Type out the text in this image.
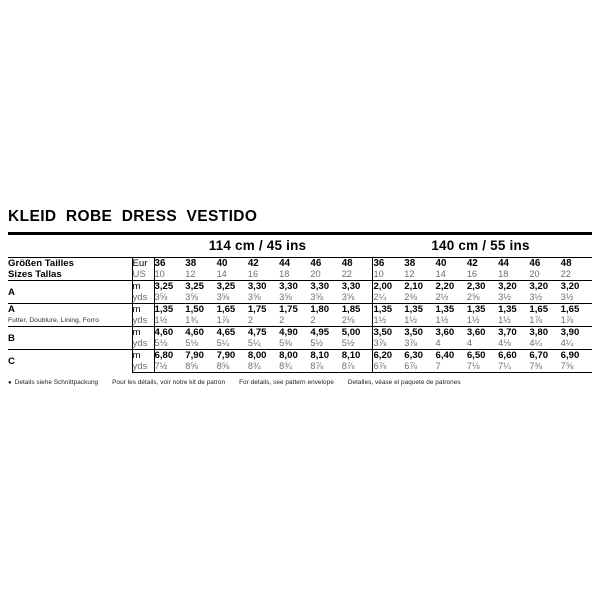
KLEID  ROBE  DRESS  VESTIDO
114 cm / 45 ins	140 cm / 55 ins
Größen Tailles
Sizes Tallas	Eur	36	38	40	42	44	46	48	36	38	40	42	44	46	48
	US	10	12	14	16	18	20	22	10	12	14	16	18	20	22
A	m	3,25	3,25	3,25	3,30	3,30	3,30	3,30	2,00	2,10	2,20	2,30	3,20	3,20	3,20
	yds	3⅝	3⅝	3⅝	3⅝	3⅝	3⅝	3⅝	2¼	2⅜	2½	2⅝	3½	3½	3½
A
Futter, Doublure, Lining, Forro	m	1,35	1,50	1,65	1,75	1,75	1,80	1,85	1,35	1,35	1,35	1,35	1,35	1,65	1,65
	yds	1½	1¾	1⅞	2	2	2	2⅛	1½	1½	1½	1½	1½	1⅞	1⅞
B	m	4,60	4,60	4,65	4,75	4,90	4,95	5,00	3,50	3,50	3,60	3,60	3,70	3,80	3,90
	yds	5⅛	5⅛	5¼	5¼	5⅜	5½	5½	3⅞	3⅞	4	4	4⅛	4¼	4¼
C	m	6,80	7,90	7,90	8,00	8,00	8,10	8,10	6,20	6,30	6,40	6,50	6,60	6,70	6,90
	yds	7½	8⅝	8⅝	8¾	8¾	8⅞	8⅞	6⅞	6⅞	7	7⅛	7¼	7⅜	7⅝
● Details siehe Schnittpackung Pour les détails, voir notre kit de patron For details, see pattern envelope Detalles, véase el paquete de patrones
